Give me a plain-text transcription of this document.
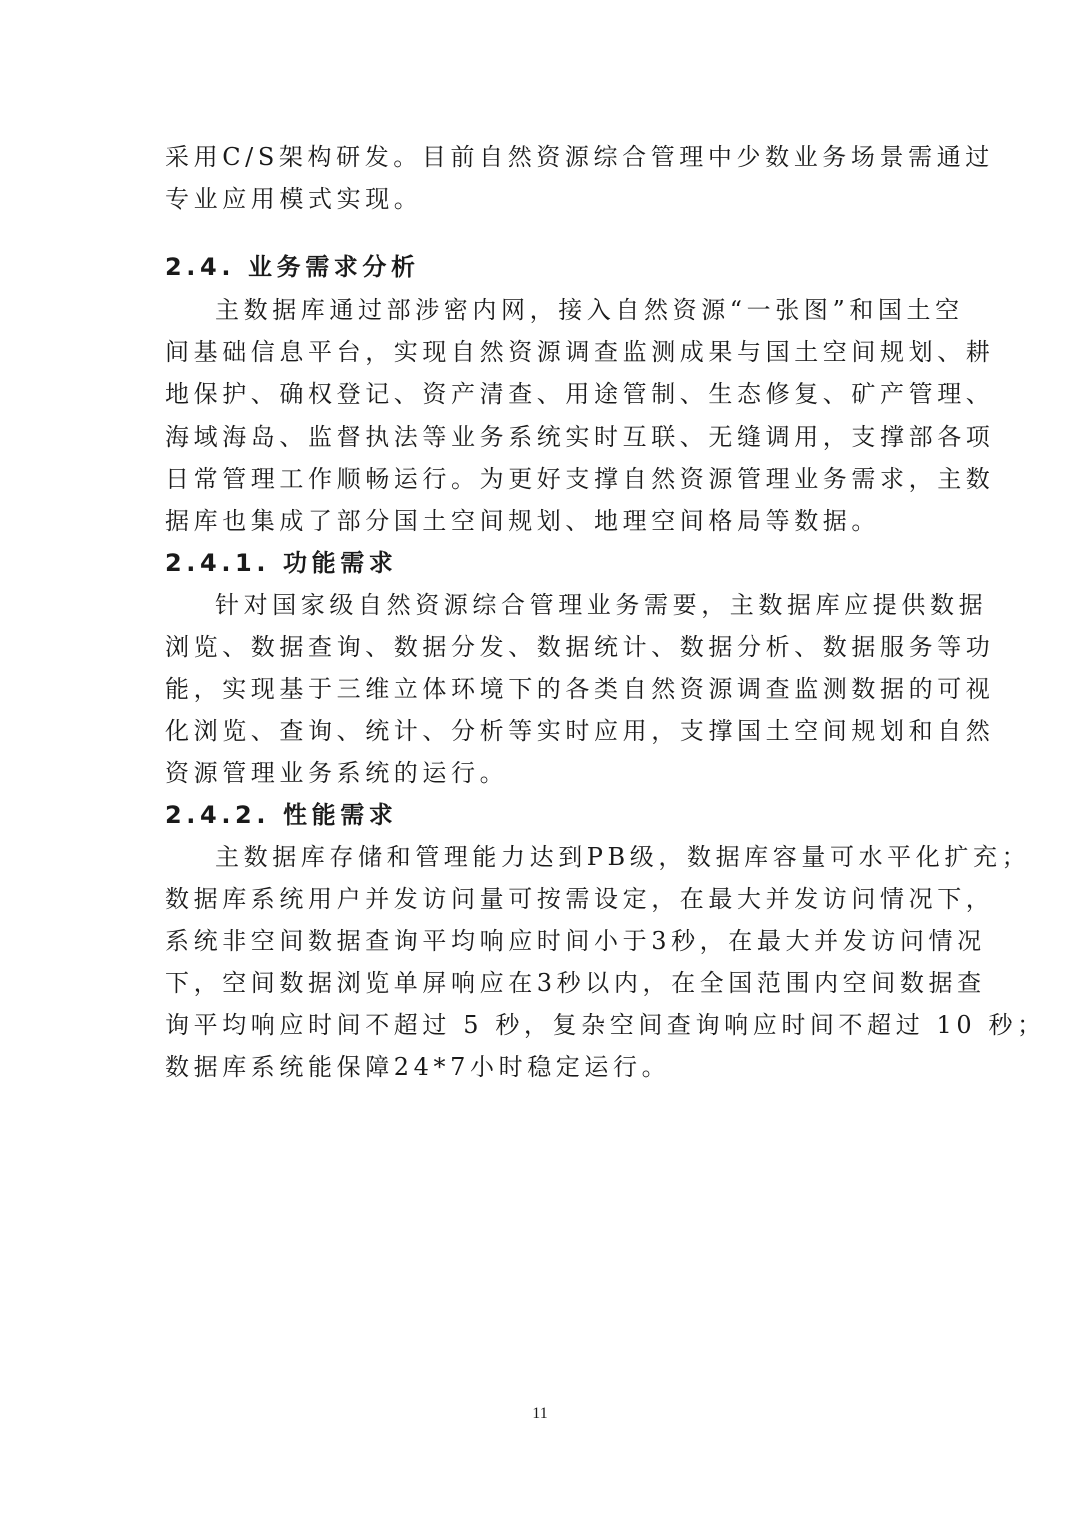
采用C/S架构研发。目前自然资源综合管理中少数业务场景需通过
专业应用模式实现。
2.4. 业务需求分析
主数据库通过部涉密内网，接入自然资源“一张图”和国土空
间基础信息平台，实现自然资源调查监测成果与国土空间规划、耕
地保护、确权登记、资产清查、用途管制、生态修复、矿产管理、
海域海岛、监督执法等业务系统实时互联、无缝调用，支撑部各项
日常管理工作顺畅运行。为更好支撑自然资源管理业务需求，主数
据库也集成了部分国土空间规划、地理空间格局等数据。
2.4.1. 功能需求
针对国家级自然资源综合管理业务需要，主数据库应提供数据
浏览、数据查询、数据分发、数据统计、数据分析、数据服务等功
能，实现基于三维立体环境下的各类自然资源调查监测数据的可视
化浏览、查询、统计、分析等实时应用，支撑国土空间规划和自然
资源管理业务系统的运行。
2.4.2. 性能需求
主数据库存储和管理能力达到PB级，数据库容量可水平化扩充；
数据库系统用户并发访问量可按需设定，在最大并发访问情况下，
系统非空间数据查询平均响应时间小于3秒，在最大并发访问情况
下，空间数据浏览单屏响应在3秒以内，在全国范围内空间数据查
询平均响应时间不超过 5 秒，复杂空间查询响应时间不超过 10 秒；
数据库系统能保障24*7小时稳定运行。
11
